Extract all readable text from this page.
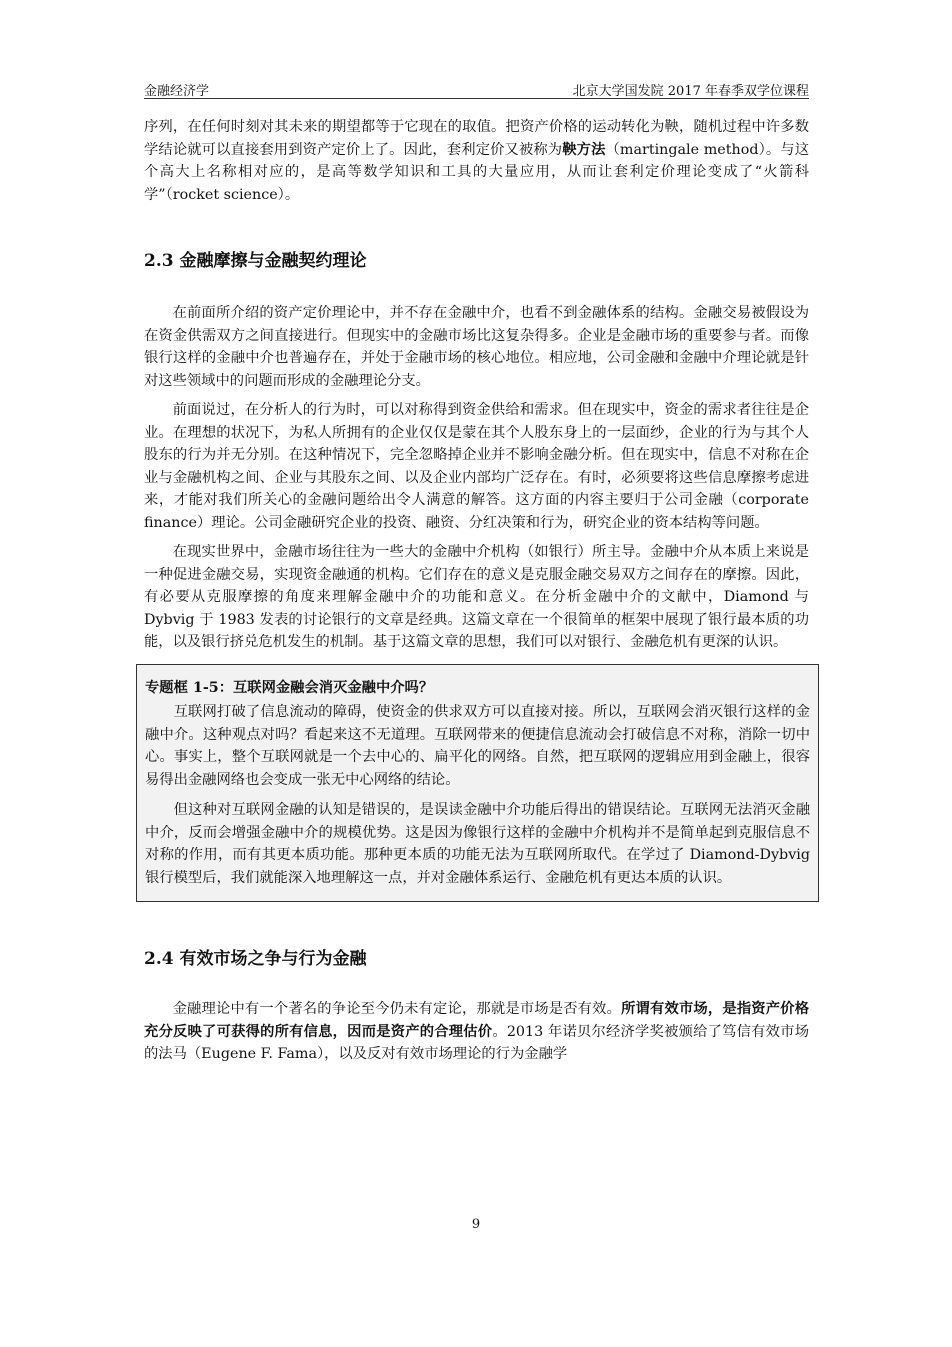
金融经济学	北京大学国发院 2017 年春季双学位课程

序列，在任何时刻对其未来的期望都等于它现在的取值。把资产价格的运动转化为鞅，随机过程中许多数学结论就可以直接套用到资产定价上了。因此，套利定价又被称为鞅方法（martingale method）。与这个高大上名称相对应的，是高等数学知识和工具的大量应用，从而让套利定价理论变成了“火箭科学”（rocket science）。

2.3 金融摩擦与金融契约理论

在前面所介绍的资产定价理论中，并不存在金融中介，也看不到金融体系的结构。金融交易被假设为在资金供需双方之间直接进行。但现实中的金融市场比这复杂得多。企业是金融市场的重要参与者。而像银行这样的金融中介也普遍存在，并处于金融市场的核心地位。相应地，公司金融和金融中介理论就是针对这些领域中的问题而形成的金融理论分支。

前面说过，在分析人的行为时，可以对称得到资金供给和需求。但在现实中，资金的需求者往往是企业。在理想的状况下，为私人所拥有的企业仅仅是蒙在其个人股东身上的一层面纱，企业的行为与其个人股东的行为并无分别。在这种情况下，完全忽略掉企业并不影响金融分析。但在现实中，信息不对称在企业与金融机构之间、企业与其股东之间、以及企业内部均广泛存在。有时，必须要将这些信息摩擦考虑进来，才能对我们所关心的金融问题给出令人满意的解答。这方面的内容主要归于公司金融（corporate finance）理论。公司金融研究企业的投资、融资、分红决策和行为，研究企业的资本结构等问题。

在现实世界中，金融市场往往为一些大的金融中介机构（如银行）所主导。金融中介从本质上来说是一种促进金融交易，实现资金融通的机构。它们存在的意义是克服金融交易双方之间存在的摩擦。因此，有必要从克服摩擦的角度来理解金融中介的功能和意义。在分析金融中介的文献中，Diamond 与 Dybvig 于 1983 发表的讨论银行的文章是经典。这篇文章在一个很简单的框架中展现了银行最本质的功能，以及银行挤兑危机发生的机制。基于这篇文章的思想，我们可以对银行、金融危机有更深的认识。

专题框 1-5：互联网金融会消灭金融中介吗？

互联网打破了信息流动的障碍，使资金的供求双方可以直接对接。所以，互联网会消灭银行这样的金融中介。这种观点对吗？看起来这不无道理。互联网带来的便捷信息流动会打破信息不对称，消除一切中心。事实上，整个互联网就是一个去中心的、扁平化的网络。自然，把互联网的逻辑应用到金融上，很容易得出金融网络也会变成一张无中心网络的结论。

但这种对互联网金融的认知是错误的，是误读金融中介功能后得出的错误结论。互联网无法消灭金融中介，反而会增强金融中介的规模优势。这是因为像银行这样的金融中介机构并不是简单起到克服信息不对称的作用，而有其更本质功能。那种更本质的功能无法为互联网所取代。在学过了 Diamond-Dybvig 银行模型后，我们就能深入地理解这一点，并对金融体系运行、金融危机有更达本质的认识。

2.4 有效市场之争与行为金融

金融理论中有一个著名的争论至今仍未有定论，那就是市场是否有效。所谓有效市场，是指资产价格充分反映了可获得的所有信息，因而是资产的合理估价。2013 年诺贝尔经济学奖被颁给了笃信有效市场的法马（Eugene F. Fama），以及反对有效市场理论的行为金融学

9
